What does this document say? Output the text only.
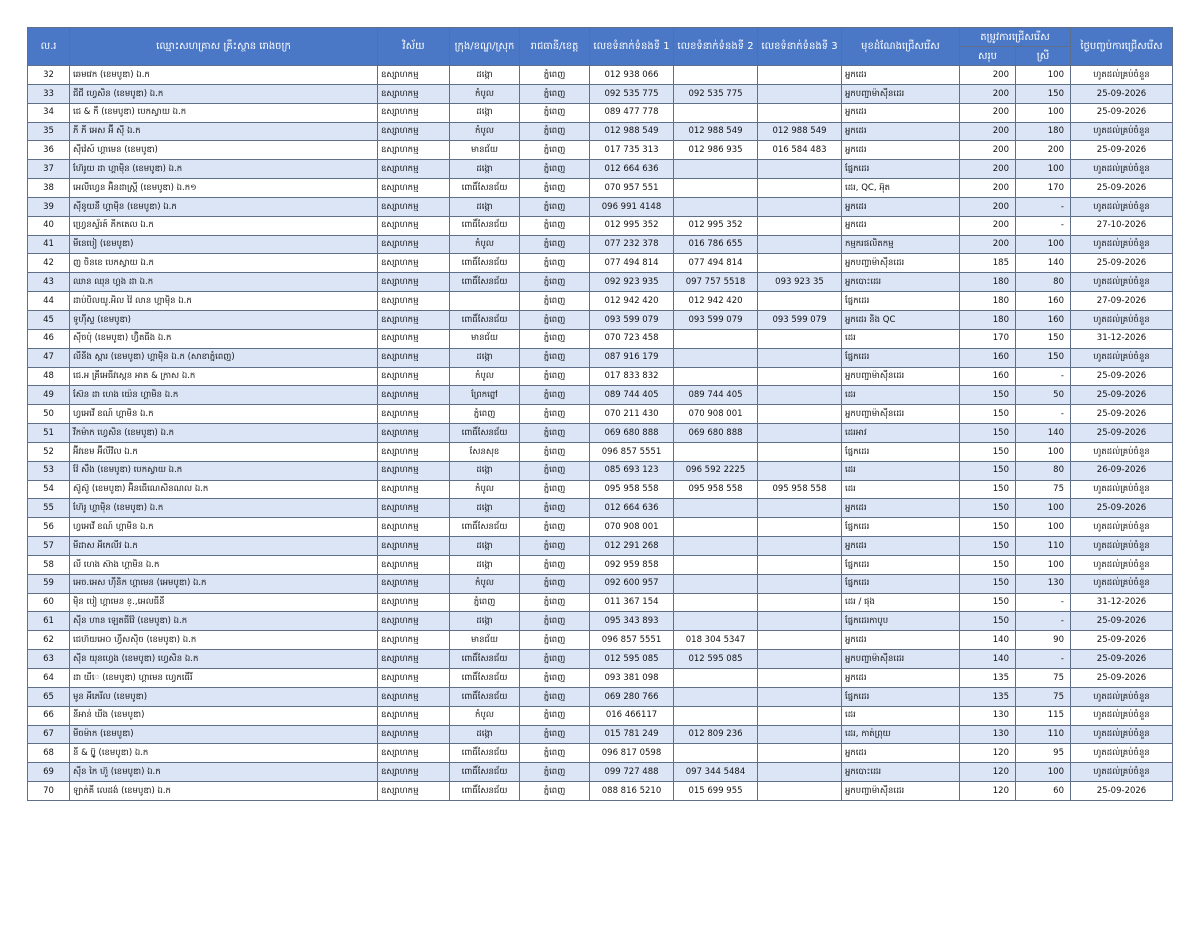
ល.រ	ឈ្មោះសហគ្រាស គ្រឹះស្ថាន រោងចក្រ	វិស័យ	ក្រុង/ខណ្ឌ/ស្រុក	រាជធានី/ខេត្ត	លេខទំនាក់ទំនងទី 1	លេខទំនាក់ទំនងទី 2	លេខទំនាក់ទំនងទី 3	មុខដំណែងជ្រើសរើស	តម្រូវការជ្រើសរើស		ថ្ងៃបញ្ចប់ការជ្រើសរើស
									សរុប	ស្រី	
32	ឆេមវេក (ខេមបូឌា) ឯ.ក	ឧស្សាហកម្ម	ដង្កោ	ភ្នំពេញ	012 938 066			អ្នកដេរ	200	100	ហូតដល់គ្រប់ចំនួន
33	ជីជី ហ្វេសិន (ខេមបូឌា) ឯ.ក	ឧស្សាហកម្ម	កំបូល	ភ្នំពេញ	092 535 775	092 535 775		អ្នកបញ្ជាម៉ាស៊ីនដេរ	200	150	25-09-2026
34	ជេ & កឺ (ខេមបូឌា) បេកស្វាយ ឯ.ក	ឧស្សាហកម្ម	ដង្កោ	ភ្នំពេញ	089 477 778			អ្នកដេរ	200	100	25-09-2026
35	ភី ភី អេស អ៊ី ស៊ី ឯ.ក	ឧស្សាហកម្ម	កំបូល	ភ្នំពេញ	012 988 549	012 988 549	012 988 549	អ្នកដេរ	200	180	ហូតដល់គ្រប់ចំនួន
36	ស៊ីវ៉េស៍ ហ្គាមេន (ខេមបូឌា)	ឧស្សាហកម្ម	មានជ័យ	ភ្នំពេញ	017 735 313	012 986 935	016 584 483	អ្នកដេរ	200	200	25-09-2026
37	ហ៊ែរូយ ដា ហ្គាម៉ិន (ខេមបូឌា) ឯ.ក	ឧស្សាហកម្ម	ដង្កោ	ភ្នំពេញ	012 664 636			ផ្នែកដេរ	200	100	ហូតដល់គ្រប់ចំនួន
38	អេលីហ្វេន អ៊ិនដាស្ត្រី (ខេមបូឌា) ឯ.ក១	ឧស្សាហកម្ម	ពោធិ៍សែនជ័យ	ភ្នំពេញ	070 957 551			ដេរ, QC, អ៊ុត	200	170	25-09-2026
39	ស៊ីនូយនី ហ្គាម៉ិន (ខេមបូឌា) ឯ.ក	ឧស្សាហកម្ម	ដង្កោ	ភ្នំពេញ	096 991 4148			អ្នកដេរ	200	-	ហូតដល់គ្រប់ចំនួន
40	ហ្វ្រេនស្ទ័រត៍ ភីកតេល ឯ.ក	ឧស្សាហកម្ម	ពោធិ៍សែនជ័យ	ភ្នំពេញ	012 995 352	012 995 352		អ្នកដេរ	200	-	27-10-2026
41	មីនេបៀ (ខេមបូឌា)	ឧស្សាហកម្ម	កំបូល	ភ្នំពេញ	077 232 378	016 786 655		កម្មករផលិតកម្ម	200	100	ហូតដល់គ្រប់ចំនួន
42	ញ ចិនខេ បេកស្វាយ ឯ.ក	ឧស្សាហកម្ម	ពោធិ៍សែនជ័យ	ភ្នំពេញ	077 494 814	077 494 814		អ្នកបញ្ជាម៉ាស៊ីនដេរ	185	140	25-09-2026
43	ឈាន ឈុន ហ្គង ដា ឯ.ក	ឧស្សាហកម្ម	ពោធិ៍សែនជ័យ	ភ្នំពេញ	092 923 935	097 757 5518	093 923 35	អ្នកបោះដេរ	180	80	ហូតដល់គ្រប់ចំនួន
44	ដាប់បិលយូ.អិល វ៉ៃ លាន ហ្គាម៉ិន ឯ.ក	ឧស្សាហកម្ម		ភ្នំពេញ	012 942 420	012 942 420		ផ្នែកដេរ	180	160	27-09-2026
45	ទូហ៊ីស្ទ (ខេមបូឌា)	ឧស្សាហកម្ម	ពោធិ៍សែនជ័យ	ភ្នំពេញ	093 599 079	093 599 079	093 599 079	អ្នកដេរ និង QC	180	160	ហូតដល់គ្រប់ចំនួន
46	ស៊ីចប៉ុ (ខេមបូឌា) ហ្វ៊ិតធីង ឯ.ក	ឧស្សាហកម្ម	មានជ័យ	ភ្នំពេញ	070 723 458			ដេរ	170	150	31-12-2026
47	លីនីង ស្តារ (ខេមបូឌា) ហ្គាម៉ិន ឯ.ក (សាខាភ្នំពេញ)	ឧស្សាហកម្ម	ដង្កោ	ភ្នំពេញ	087 916 179			ផ្នែកដេរ	160	150	ហូតដល់គ្រប់ចំនួន
48	ជេ.អ គ្រីអេធីវស្កេន អាត & ក្រាស ឯ.ក	ឧស្សាហកម្ម	កំបូល	ភ្នំពេញ	017 833 832			អ្នកបញ្ជាម៉ាស៊ីនដេរ	160	-	25-09-2026
49	ស៊ែន ដា ហេង យ៉េន ហ្គាមិន ឯ.ក	ឧស្សាហកម្ម	ព្រែកព្នៅ	ភ្នំពេញ	089 744 405	089 744 405		ដេរ	150	50	25-09-2026
50	ហ្វអេវើ ខណ៍ ហ្គាមិន ឯ.ក	ឧស្សាហកម្ម	ភ្នំពេញ	ភ្នំពេញ	070 211 430	070 908 001		អ្នកបញ្ជាម៉ាស៊ីនដេរ	150	-	25-09-2026
51	វីកម៉ាក ហ្វេសិន (ខេមបូឌា) ឯ.ក	ឧស្សាហកម្ម	ពោធិ៍សែនជ័យ	ភ្នំពេញ	069 680 888	069 680 888		ដេរអាវ	150	140	25-09-2026
52	អ៊ីវខេម អ៊ីលីវិល ឯ.ក	ឧស្សាហកម្ម	សែនសុខ	ភ្នំពេញ	096 857 5551			ផ្នែកដេរ	150	100	ហូតដល់គ្រប់ចំនួន
53	វ៉ែ សឹង (ខេមបូឌា) បេកស្វាយ ឯ.ក	ឧស្សាហកម្ម	ដង្កោ	ភ្នំពេញ	085 693 123	096 592 2225		ដេរ	150	80	26-09-2026
54	ស៊ូស៊ូ (ខេមបូឌា) អ៊ិនធើណេសិនណល ឯ.ក	ឧស្សាហកម្ម	កំបូល	ភ្នំពេញ	095 958 558	095 958 558	095 958 558	ដេរ	150	75	ហូតដល់គ្រប់ចំនួន
55	ហ៊ែរូ ហ្គាម៉ិន (ខេមបូឌា) ឯ.ក	ឧស្សាហកម្ម	ដង្កោ	ភ្នំពេញ	012 664 636			អ្នកដេរ	150	100	25-09-2026
56	ហ្វអេវើ ខណ៍ ហ្គាមិន ឯ.ក	ឧស្សាហកម្ម	ពោធិ៍សែនជ័យ	ភ្នំពេញ	070 908 001			ផ្នែកដេរ	150	100	ហូតដល់គ្រប់ចំនួន
57	មីដាស អីកេលីវ ឯ.ក	ឧស្សាហកម្ម	ដង្កោ	ភ្នំពេញ	012 291 268			អ្នកដេរ	150	110	ហូតដល់គ្រប់ចំនួន
58	លី ហេង ស៊ាង ហ្គាមិន ឯ.ក	ឧស្សាហកម្ម	ដង្កោ	ភ្នំពេញ	092 959 858			ផ្នែកដេរ	150	100	ហូតដល់គ្រប់ចំនួន
59	អេច.អេស ហ៊ីនិក ហ្គាមេន (អេមបូឌា) ឯ.ក	ឧស្សាហកម្ម	កំបូល	ភ្នំពេញ	092 600 957			ផ្នែកដេរ	150	130	ហូតដល់គ្រប់ចំនួន
60	ម៉ិន បៀ ហ្គាមេន ខ្.,អេលធីនី	ឧស្សាហកម្ម	ភ្នំពេញ	ភ្នំពេញ	011 367 154			ដេរ / ផុង	150	-	31-12-2026
61	ស៊ីន ហាន ឡេតធីវ៉ែ (ខេមបូឌា) ឯ.ក	ឧស្សាហកម្ម	ដង្កោ	ភ្នំពេញ	095 343 893			ផ្នែកដេរកាបូប	150	-	25-09-2026
62	ជេហ៊យអេ០ ហ្វីសស៊ិច (ខេមបូឌា) ឯ.ក	ឧស្សាហកម្ម	មានជ័យ	ភ្នំពេញ	096 857 5551	018 304 5347		អ្នកដេរ	140	90	25-09-2026
63	ស៊ីន យុនហ្វេង (ខេមបូឌា) ហ្វេសិន ឯ.ក	ឧស្សាហកម្ម	ពោធិ៍សែនជ័យ	ភ្នំពេញ	012 595 085	012 595 085		អ្នកបញ្ជាម៉ាស៊ីនដេរ	140	-	25-09-2026
64	ដា យីេ (ខេមបូឌា) ហ្គាមេន ហ្វេកធើរី	ឧស្សាហកម្ម	ពោធិ៍សែនជ័យ	ភ្នំពេញ	093 381 098			អ្នកដេរ	135	75	25-09-2026
65	មូន អីភេរីល (ខេមបូឌា)	ឧស្សាហកម្ម	ពោធិ៍សែនជ័យ	ភ្នំពេញ	069 280 766			ផ្នែកដេរ	135	75	ហូតដល់គ្រប់ចំនួន
66	នីអាន់ ឃីង (ខេមបូឌា)	ឧស្សាហកម្ម	កំបូល	ភ្នំពេញ	016 466117			ដេរ	130	115	ហូតដល់គ្រប់ចំនួន
67	មីចម៉ាក (ខេមបូឌា)	ឧស្សាហកម្ម	ដង្កោ	ភ្នំពេញ	015 781 249	012 809 236		ដេរ, កាត់ព្រុយ	130	110	ហូតដល់គ្រប់ចំនួន
68	នី & ប្ល៊ូ (ខេមបូឌា) ឯ.ក	ឧស្សាហកម្ម	ពោធិ៍សែនជ័យ	ភ្នំពេញ	096 817 0598			អ្នកដេរ	120	95	ហូតដល់គ្រប់ចំនួន
69	ស៊ីន កៃ ហ៊ួ (ខេមបូឌា) ឯ.ក	ឧស្សាហកម្ម	ពោធិ៍សែនជ័យ	ភ្នំពេញ	099 727 488	097 344 5484		អ្នកបោះដេរ	120	100	ហូតដល់គ្រប់ចំនួន
70	ឡាក់គី លេដង់ (ខេមបូឌា) ឯ.ក	ឧស្សាហកម្ម	ពោធិ៍សែនជ័យ	ភ្នំពេញ	088 816 5210	015 699 955		អ្នកបញ្ជាម៉ាស៊ីនដេរ	120	60	25-09-2026
